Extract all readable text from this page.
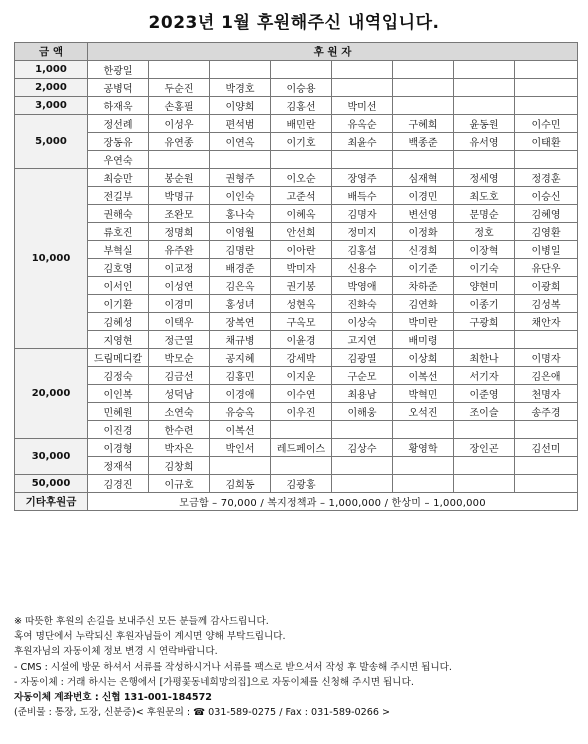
2023년 1월 후원해주신 내역입니다.
금 액	후 원 자							
1,000	한광일							
2,000	공병덕	두순진	박경호	이승용				
3,000	하재욱	손홍필	이양희	김홍선	박미선			
5,000	정선례	이성우	편석범	배민란	유옥순	구혜희	윤동원	이수민
	장동유	유연종	이연옥	이기호	최윤수	백종준	유서영	이태환
	우연숙							
10,000	최승만	봉순원	권형주	이오순	장영주	심재혁	정세영	정경훈
	전길부	박명규	이인숙	고준석	배득수	이경민	최도호	이승신
	권해숙	조완모	홍나숙	이혜옥	김명자	변선영	문명순	김혜영
	류호진	정명희	이영월	안선희	정미지	이정화	정호	김영환
	부혁실	유주완	김명란	이아란	김홍섭	신경희	이장혁	이병일
	김호영	이교정	배경준	박미자	신용수	이기준	이기숙	유단우
	이서인	이성연	김은옥	권기봉	박영애	차하준	양현미	이광희
	이기환	이경미	홍성녀	성현옥	진화숙	김연화	이종기	김성복
	김혜성	이택우	장복연	구옥모	이상숙	박미란	구광희	채안자
	지영현	정근열	채규병	이윤경	고지연	배미령		
20,000	드림메디칼	박모순	공지혜	강세박	김광열	이상희	최한나	이명자
	김정숙	김금선	김홍민	이지운	구순모	이복선	서기자	김은애
	이인복	성덕남	이경애	이수연	최용남	박혁민	이준영	천명자
	민혜원	소연숙	유승옥	이우진	이해웅	오석진	조이슬	송주경
	이진경	한수련	이복선					
30,000	이경형	박자은	박인서	레드페이스	김상수	황영학	장인곤	김선미
	정재석	김창희						
50,000	김경진	이규호	김희동	김광홍				
기타후원금	모금함 – 70,000 / 복지정책과 – 1,000,000 / 한상미 – 1,000,000							
※ 따뜻한 후원의 손길을 보내주신 모든 분들께 감사드립니다.
혹여 명단에서 누락되신 후원자님들이 계시면 양해 부탁드립니다.
후원자님의 자동이체 정보 변경 시 연락바랍니다.
- CMS : 시설에 방문 하셔서 서류를 작성하시거나 서류를 팩스로 받으셔서 작성 후 발송해 주시면 됩니다.
- 자동이체 : 거래 하시는 은행에서 [가평꽃동네희망의집]으로 자동이체를 신청해 주시면 됩니다.
자동이체 계좌번호 : 신협 131-001-184572
(준비물 : 통장, 도장, 신분증)< 후원문의 : ☎ 031-589-0275 / Fax : 031-589-0266 >
